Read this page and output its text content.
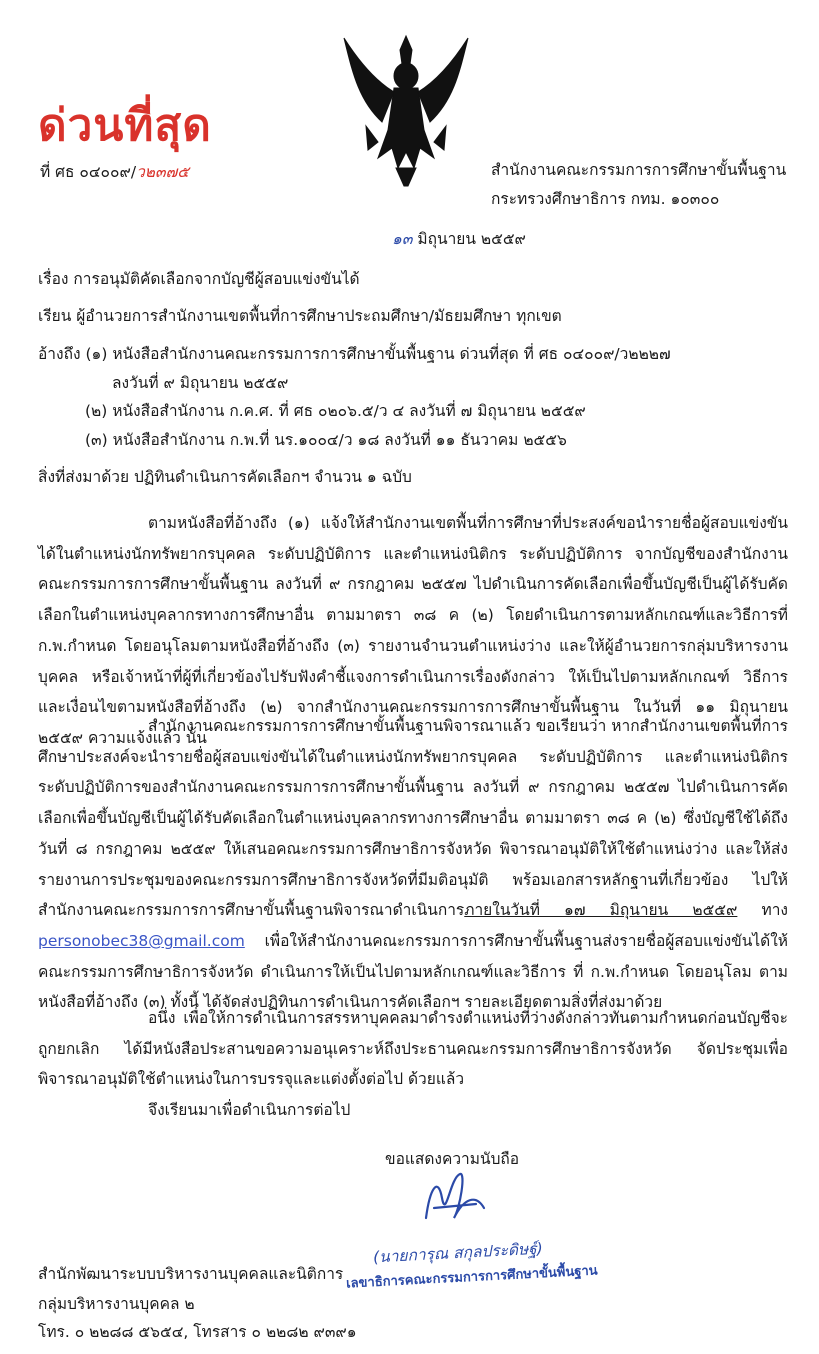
ด่วนที่สุด
ที่ ศธ ๐๔๐๐๙/ว๒๓๗๕	สำนักงานคณะกรรมการการศึกษาขั้นพื้นฐาน
กระทรวงศึกษาธิการ กทม. ๑๐๓๐๐
๑๓ มิถุนายน ๒๕๕๙
เรื่อง การอนุมัติคัดเลือกจากบัญชีผู้สอบแข่งขันได้
เรียน ผู้อำนวยการสำนักงานเขตพื้นที่การศึกษาประถมศึกษา/มัธยมศึกษา ทุกเขต
อ้างถึง (๑) หนังสือสำนักงานคณะกรรมการการศึกษาขั้นพื้นฐาน ด่วนที่สุด ที่ ศธ ๐๔๐๐๙/ว๒๒๒๗
ลงวันที่ ๙ มิถุนายน ๒๕๕๙
(๒) หนังสือสำนักงาน ก.ค.ศ. ที่ ศธ ๐๒๐๖.๕/ว ๔ ลงวันที่ ๗ มิถุนายน ๒๕๕๙
(๓) หนังสือสำนักงาน ก.พ.ที่ นร.๑๐๐๔/ว ๑๘ ลงวันที่ ๑๑ ธันวาคม ๒๕๕๖
สิ่งที่ส่งมาด้วย ปฏิทินดำเนินการคัดเลือกฯ จำนวน ๑ ฉบับ

ตามหนังสือที่อ้างถึง (๑) แจ้งให้สำนักงานเขตพื้นที่การศึกษาที่ประสงค์ขอนำรายชื่อผู้สอบแข่งขันได้ในตำแหน่งนักทรัพยากรบุคคล ระดับปฏิบัติการ และตำแหน่งนิติกร ระดับปฏิบัติการ จากบัญชีของสำนักงานคณะกรรมการการศึกษาขั้นพื้นฐาน ลงวันที่ ๙ กรกฎาคม ๒๕๕๗ ไปดำเนินการคัดเลือกเพื่อขึ้นบัญชีเป็นผู้ได้รับคัดเลือกในตำแหน่งบุคลากรทางการศึกษาอื่น ตามมาตรา ๓๘ ค (๒) โดยดำเนินการตามหลักเกณฑ์และวิธีการที่ ก.พ.กำหนด โดยอนุโลมตามหนังสือที่อ้างถึง (๓) รายงานจำนวนตำแหน่งว่าง และให้ผู้อำนวยการกลุ่มบริหารงานบุคคล หรือเจ้าหน้าที่ผู้ที่เกี่ยวข้องไปรับฟังคำชี้แจงการดำเนินการเรื่องดังกล่าว ให้เป็นไปตามหลักเกณฑ์ วิธีการ และเงื่อนไขตามหนังสือที่อ้างถึง (๒) จากสำนักงานคณะกรรมการการศึกษาขั้นพื้นฐาน ในวันที่ ๑๑ มิถุนายน ๒๕๕๙ ความแจ้งแล้ว นั้น

สำนักงานคณะกรรมการการศึกษาขั้นพื้นฐานพิจารณาแล้ว ขอเรียนว่า หากสำนักงานเขตพื้นที่การศึกษาประสงค์จะนำรายชื่อผู้สอบแข่งขันได้ในตำแหน่งนักทรัพยากรบุคคล ระดับปฏิบัติการ และตำแหน่งนิติกร ระดับปฏิบัติการของสำนักงานคณะกรรมการการศึกษาขั้นพื้นฐาน ลงวันที่ ๙ กรกฎาคม ๒๕๕๗ ไปดำเนินการคัดเลือกเพื่อขึ้นบัญชีเป็นผู้ได้รับคัดเลือกในตำแหน่งบุคลากรทางการศึกษาอื่น ตามมาตรา ๓๘ ค (๒) ซึ่งบัญชีใช้ได้ถึงวันที่ ๘ กรกฎาคม ๒๕๕๙ ให้เสนอคณะกรรมการศึกษาธิการจังหวัด พิจารณาอนุมัติให้ใช้ตำแหน่งว่าง และให้ส่งรายงานการประชุมของคณะกรรมการศึกษาธิการจังหวัดที่มีมติอนุมัติ พร้อมเอกสารหลักฐานที่เกี่ยวข้อง ไปให้สำนักงานคณะกรรมการการศึกษาขั้นพื้นฐานพิจารณาดำเนินการภายในวันที่ ๑๗ มิถุนายน ๒๕๕๙ ทาง personobec38@gmail.com เพื่อให้สำนักงานคณะกรรมการการศึกษาขั้นพื้นฐานส่งรายชื่อผู้สอบแข่งขันได้ให้คณะกรรมการศึกษาธิการจังหวัด ดำเนินการให้เป็นไปตามหลักเกณฑ์และวิธีการ ที่ ก.พ.กำหนด โดยอนุโลม ตามหนังสือที่อ้างถึง (๓) ทั้งนี้ ได้จัดส่งปฏิทินการดำเนินการคัดเลือกฯ รายละเอียดตามสิ่งที่ส่งมาด้วย

อนึ่ง เพื่อให้การดำเนินการสรรหาบุคคลมาดำรงตำแหน่งที่ว่างดังกล่าวทันตามกำหนดก่อนบัญชีจะถูกยกเลิก ได้มีหนังสือประสานขอความอนุเคราะห์ถึงประธานคณะกรรมการศึกษาธิการจังหวัด จัดประชุมเพื่อพิจารณาอนุมัติใช้ตำแหน่งในการบรรจุและแต่งตั้งต่อไป ด้วยแล้ว

จึงเรียนมาเพื่อดำเนินการต่อไป
ขอแสดงความนับถือ
(นายการุณ สกุลประดิษฐ์)
เลขาธิการคณะกรรมการการศึกษาขั้นพื้นฐาน
สำนักพัฒนาระบบบริหารงานบุคคลและนิติการ
กลุ่มบริหารงานบุคคล ๒
โทร. ๐ ๒๒๘๘ ๕๖๕๔, โทรสาร ๐ ๒๒๘๒ ๙๓๙๑
